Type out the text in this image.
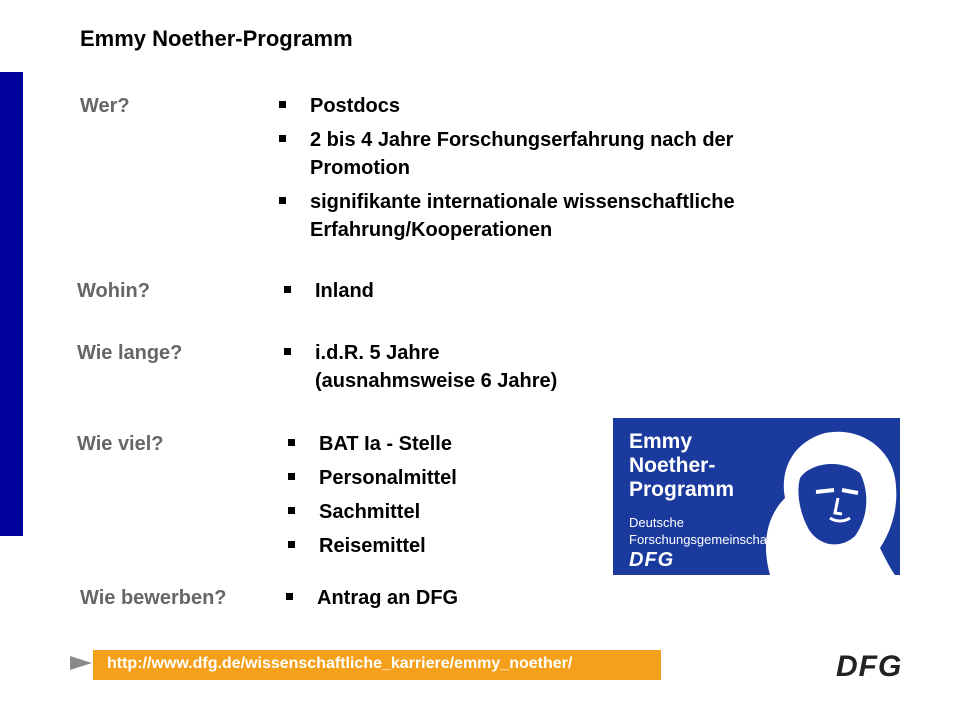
Emmy Noether-Programm
Wer?	Postdocs
2 bis 4 Jahre Forschungserfahrung nach der Promotion
signifikante internationale wissenschaftliche Erfahrung/Kooperationen
Wohin?	Inland
Wie lange?	i.d.R. 5 Jahre (ausnahmsweise 6 Jahre)
Wie viel?	BAT Ia - Stelle
Personalmittel
Sachmittel
Reisemittel
Wie bewerben?	Antrag an DFG
Emmy
Noether-
Programm
Deutsche
Forschungsgemeinschaft
DFG
http://www.dfg.de/wissenschaftliche_karriere/emmy_noether/	DFG
